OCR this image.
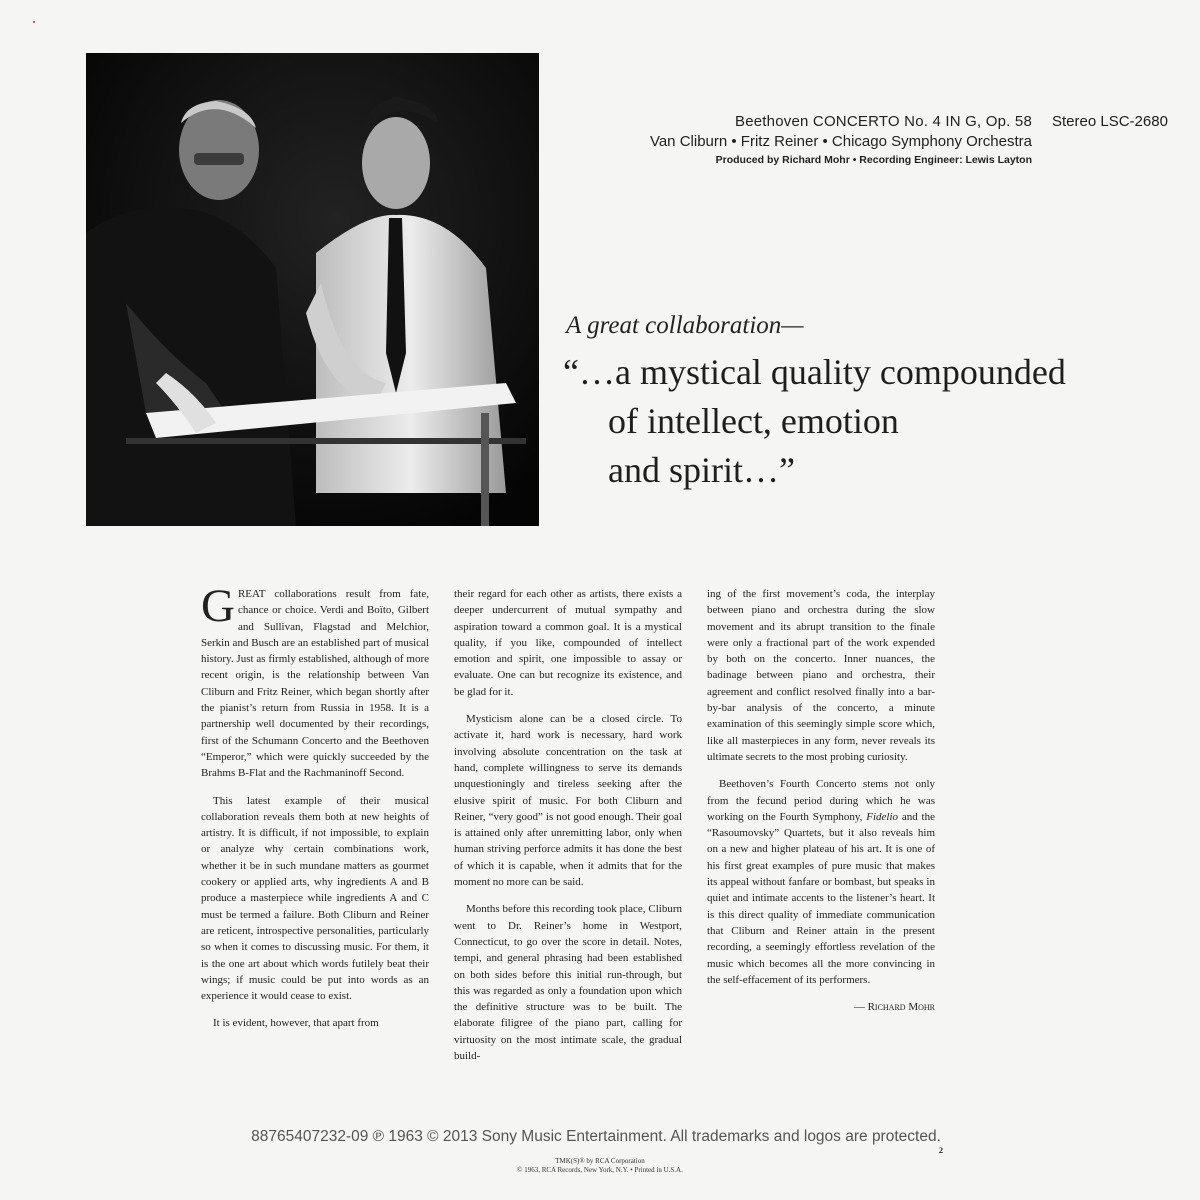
Beethoven CONCERTO No. 4 IN G, Op. 58
Van Cliburn • Fritz Reiner • Chicago Symphony Orchestra
Produced by Richard Mohr • Recording Engineer: Lewis Layton
Stereo LSC-2680
A great collaboration—
“…a mystical quality compounded
of intellect, emotion
and spirit…”

GREAT collaborations result from fate, chance or choice. Verdi and Boïto, Gilbert and Sullivan, Flagstad and Melchior, Serkin and Busch are an established part of musical history. Just as firmly established, although of more recent origin, is the relationship between Van Cliburn and Fritz Reiner, which began shortly after the pianist’s return from Russia in 1958. It is a partnership well documented by their recordings, first of the Schumann Concerto and the Beethoven “Emperor,” which were quickly succeeded by the Brahms B-Flat and the Rachmaninoff Second.

This latest example of their musical collaboration reveals them both at new heights of artistry. It is difficult, if not impossible, to explain or analyze why certain combinations work, whether it be in such mundane matters as gourmet cookery or applied arts, why ingredients A and B produce a masterpiece while ingredients A and C must be termed a failure. Both Cliburn and Reiner are reticent, introspective personalities, particularly so when it comes to discussing music. For them, it is the one art about which words futilely beat their wings; if music could be put into words as an experience it would cease to exist.

It is evident, however, that apart from

their regard for each other as artists, there exists a deeper undercurrent of mutual sympathy and aspiration toward a common goal. It is a mystical quality, if you like, compounded of intellect emotion and spirit, one impossible to assay or evaluate. One can but recognize its existence, and be glad for it.

Mysticism alone can be a closed circle. To activate it, hard work is necessary, hard work involving absolute concentration on the task at hand, complete willingness to serve its demands unquestioningly and tireless seeking after the elusive spirit of music. For both Cliburn and Reiner, “very good” is not good enough. Their goal is attained only after unremitting labor, only when human striving perforce admits it has done the best of which it is capable, when it admits that for the moment no more can be said.

Months before this recording took place, Cliburn went to Dr. Reiner’s home in Westport, Connecticut, to go over the score in detail. Notes, tempi, and general phrasing had been established on both sides before this initial run-through, but this was regarded as only a foundation upon which the definitive structure was to be built. The elaborate filigree of the piano part, calling for virtuosity on the most intimate scale, the gradual build-

ing of the first movement’s coda, the interplay between piano and orchestra during the slow movement and its abrupt transition to the finale were only a fractional part of the work expended by both on the concerto. Inner nuances, the badinage between piano and orchestra, their agreement and conflict resolved finally into a bar-by-bar analysis of the concerto, a minute examination of this seemingly simple score which, like all masterpieces in any form, never reveals its ultimate secrets to the most probing curiosity.

Beethoven’s Fourth Concerto stems not only from the fecund period during which he was working on the Fourth Symphony, Fidelio and the “Rasoumovsky” Quartets, but it also reveals him on a new and higher plateau of his art. It is one of his first great examples of pure music that makes its appeal without fanfare or bombast, but speaks in quiet and intimate accents to the listener’s heart. It is this direct quality of immediate communication that Cliburn and Reiner attain in the present recording, a seemingly effortless revelation of the music which becomes all the more convincing in the self-effacement of its performers.

— Richard Mohr
88765407232-09 ℗ 1963 © 2013 Sony Music Entertainment. All trademarks and logos are protected.
TMK(S)® by RCA Corporation
© 1963, RCA Records, New York, N.Y. • Printed in U.S.A.
2
